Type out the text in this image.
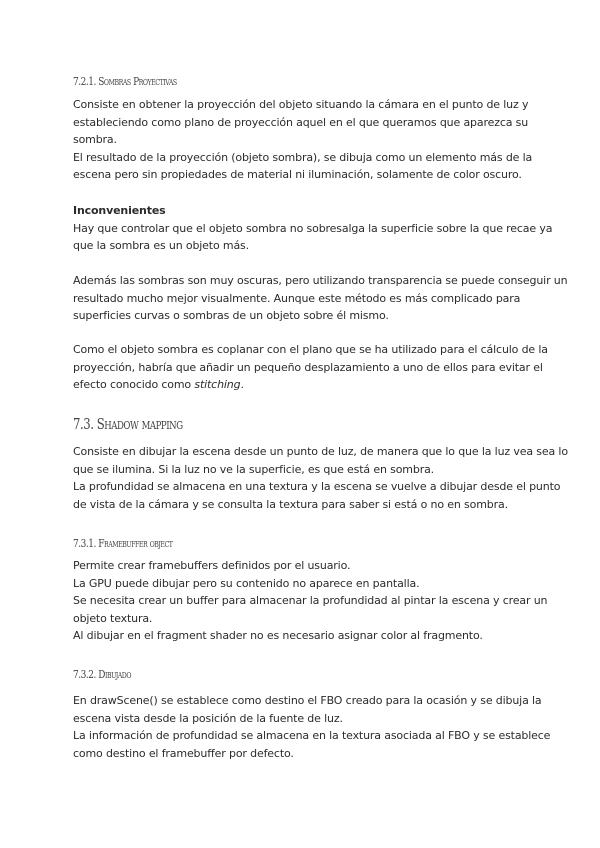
7.2.1. Sombras Proyectivas
Consiste en obtener la proyección del objeto situando la cámara en el punto de luz y
estableciendo como plano de proyección aquel en el que queramos que aparezca su
sombra.
El resultado de la proyección (objeto sombra), se dibuja como un elemento más de la
escena pero sin propiedades de material ni iluminación, solamente de color oscuro.
Inconvenientes
Hay que controlar que el objeto sombra no sobresalga la superficie sobre la que recae ya
que la sombra es un objeto más.
Además las sombras son muy oscuras, pero utilizando transparencia se puede conseguir un
resultado mucho mejor visualmente. Aunque este método es más complicado para
superficies curvas o sombras de un objeto sobre él mismo.
Como el objeto sombra es coplanar con el plano que se ha utilizado para el cálculo de la
proyección, habría que añadir un pequeño desplazamiento a uno de ellos para evitar el
efecto conocido como stitching.
7.3. Shadow mapping
Consiste en dibujar la escena desde un punto de luz, de manera que lo que la luz vea sea lo
que se ilumina. Si la luz no ve la superficie, es que está en sombra.
La profundidad se almacena en una textura y la escena se vuelve a dibujar desde el punto
de vista de la cámara y se consulta la textura para saber si está o no en sombra.
7.3.1. Framebuffer object
Permite crear framebuffers definidos por el usuario.
La GPU puede dibujar pero su contenido no aparece en pantalla.
Se necesita crear un buffer para almacenar la profundidad al pintar la escena y crear un
objeto textura.
Al dibujar en el fragment shader no es necesario asignar color al fragmento.
7.3.2. Dibujado
En drawScene() se establece como destino el FBO creado para la ocasión y se dibuja la
escena vista desde la posición de la fuente de luz.
La información de profundidad se almacena en la textura asociada al FBO y se establece
como destino el framebuffer por defecto.
